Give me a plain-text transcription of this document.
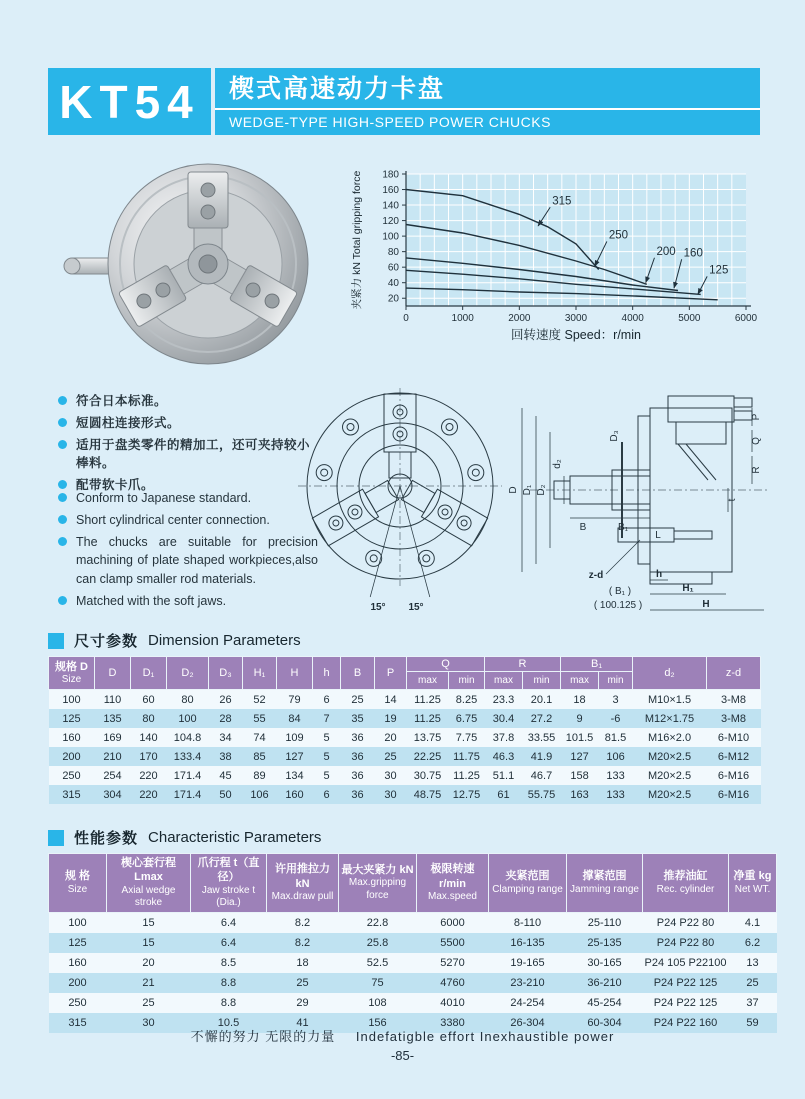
KT54	楔式高速动力卡盘
WEDGE-TYPE HIGH-SPEED POWER CHUCKS
20
40
60
80
100
120
140
160
180
0	1000	2000	3000	4000	5000	6000
315
250
200 160
125
回转速度 Speed：r/min
夹紧力 kN Total gripping force
符合日本标准。
短圆柱连接形式。
适用于盘类零件的精加工，还可夹持较小棒料。
配带软卡爪。
Conform to Japanese standard.
Short cylindrical center connection.
The chucks are suitable for precision machining of plate shaped workpieces,also can clamp smaller rod materials.
Matched with the soft jaws.	15° 15°
D D₁ D₂
D₃
d₂
B	B₁
L
z-d
( B₁ )
( 100.125 )
h
H₁
H
P
Q
R
t
尺寸参数 Dimension Parameters
规格 D
Size	D	D₁	D₂	D₃	H₁	H	h	B	P	Q		R		B₁		d₂	z-d
										max	min	max	min	max	min		
100	110	60	80	26	52	79	6	25	14	11.25	8.25	23.3	20.1	18	3	M10×1.5	3-M8
125	135	80	100	28	55	84	7	35	19	11.25	6.75	30.4	27.2	9	-6	M12×1.75	3-M8
160	169	140	104.8	34	74	109	5	36	20	13.75	7.75	37.8	33.55	101.5	81.5	M16×2.0	6-M10
200	210	170	133.4	38	85	127	5	36	25	22.25	11.75	46.3	41.9	127	106	M20×2.5	6-M12
250	254	220	171.4	45	89	134	5	36	30	30.75	11.25	51.1	46.7	158	133	M20×2.5	6-M16
315	304	220	171.4	50	106	160	6	36	30	48.75	12.75	61	55.75	163	133	M20×2.5	6-M16
性能参数 Characteristic Parameters
规 格
Size

楔心套行程 Lmax
Axial wedge stroke

爪行程 t（直径）
Jaw stroke t (Dia.)

许用推拉力 kN
Max.draw pull

最大夹紧力 kN
Max.gripping force

极限转速 r/min
Max.speed

夹紧范围
Clamping range

撑紧范围
Jamming range

推荐油缸
Rec. cylinder

净重 kg
Net WT.

100	15	6.4	8.2	22.8	6000	8-110	25-110	P24 P22 80	4.1
125	15	6.4	8.2	25.8	5500	16-135	25-135	P24 P22 80	6.2
160	20	8.5	18	52.5	5270	19-165	30-165	P24 105 P22100	13
200	21	8.8	25	75	4760	23-210	36-210	P24 P22 125	25
250	25	8.8	29	108	4010	24-254	45-254	P24 P22 125	37
315	30	10.5	41	156	3380	26-304	60-304	P24 P22 160	59
不懈的努力 无限的力量 Indefatigble effort Inexhaustible power
-85-
